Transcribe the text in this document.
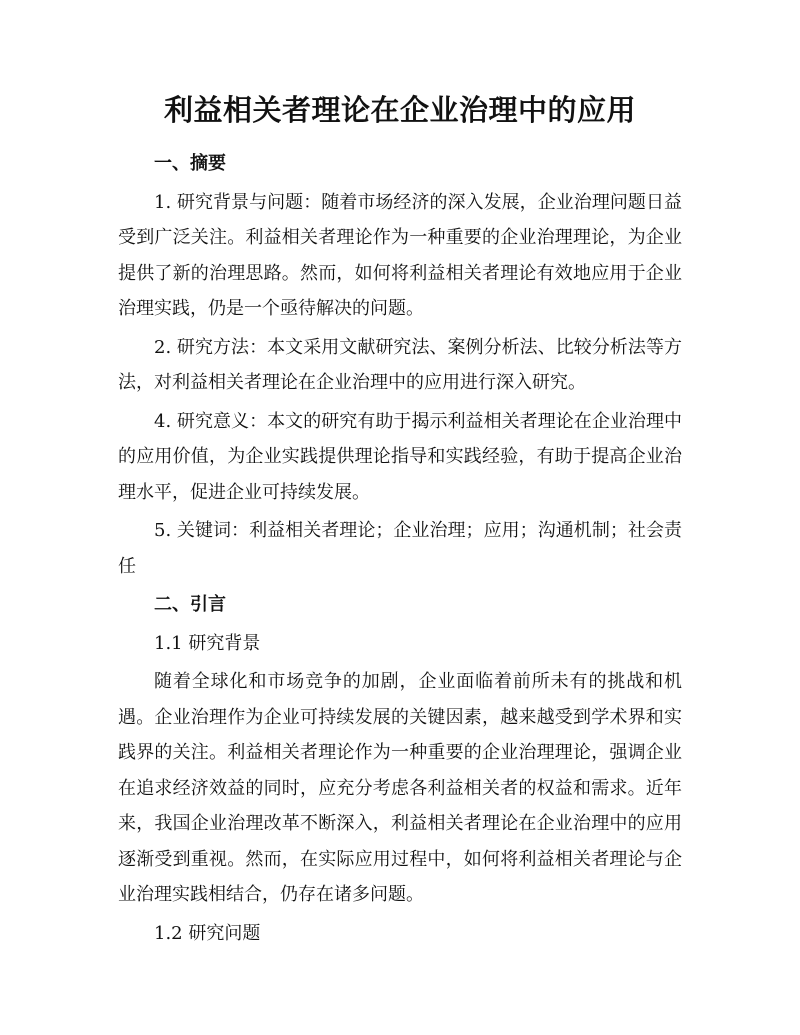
利益相关者理论在企业治理中的应用
一、摘要
1. 研究背景与问题：随着市场经济的深入发展，企业治理问题日益受到广泛关注。利益相关者理论作为一种重要的企业治理理论，为企业提供了新的治理思路。然而，如何将利益相关者理论有效地应用于企业治理实践，仍是一个亟待解决的问题。
2. 研究方法：本文采用文献研究法、案例分析法、比较分析法等方法，对利益相关者理论在企业治理中的应用进行深入研究。
4. 研究意义：本文的研究有助于揭示利益相关者理论在企业治理中的应用价值，为企业实践提供理论指导和实践经验，有助于提高企业治理水平，促进企业可持续发展。
5. 关键词：利益相关者理论；企业治理；应用；沟通机制；社会责任
二、引言
1.1 研究背景
随着全球化和市场竞争的加剧，企业面临着前所未有的挑战和机遇。企业治理作为企业可持续发展的关键因素，越来越受到学术界和实践界的关注。利益相关者理论作为一种重要的企业治理理论，强调企业在追求经济效益的同时，应充分考虑各利益相关者的权益和需求。近年来，我国企业治理改革不断深入，利益相关者理论在企业治理中的应用逐渐受到重视。然而，在实际应用过程中，如何将利益相关者理论与企业治理实践相结合，仍存在诸多问题。
1.2 研究问题
